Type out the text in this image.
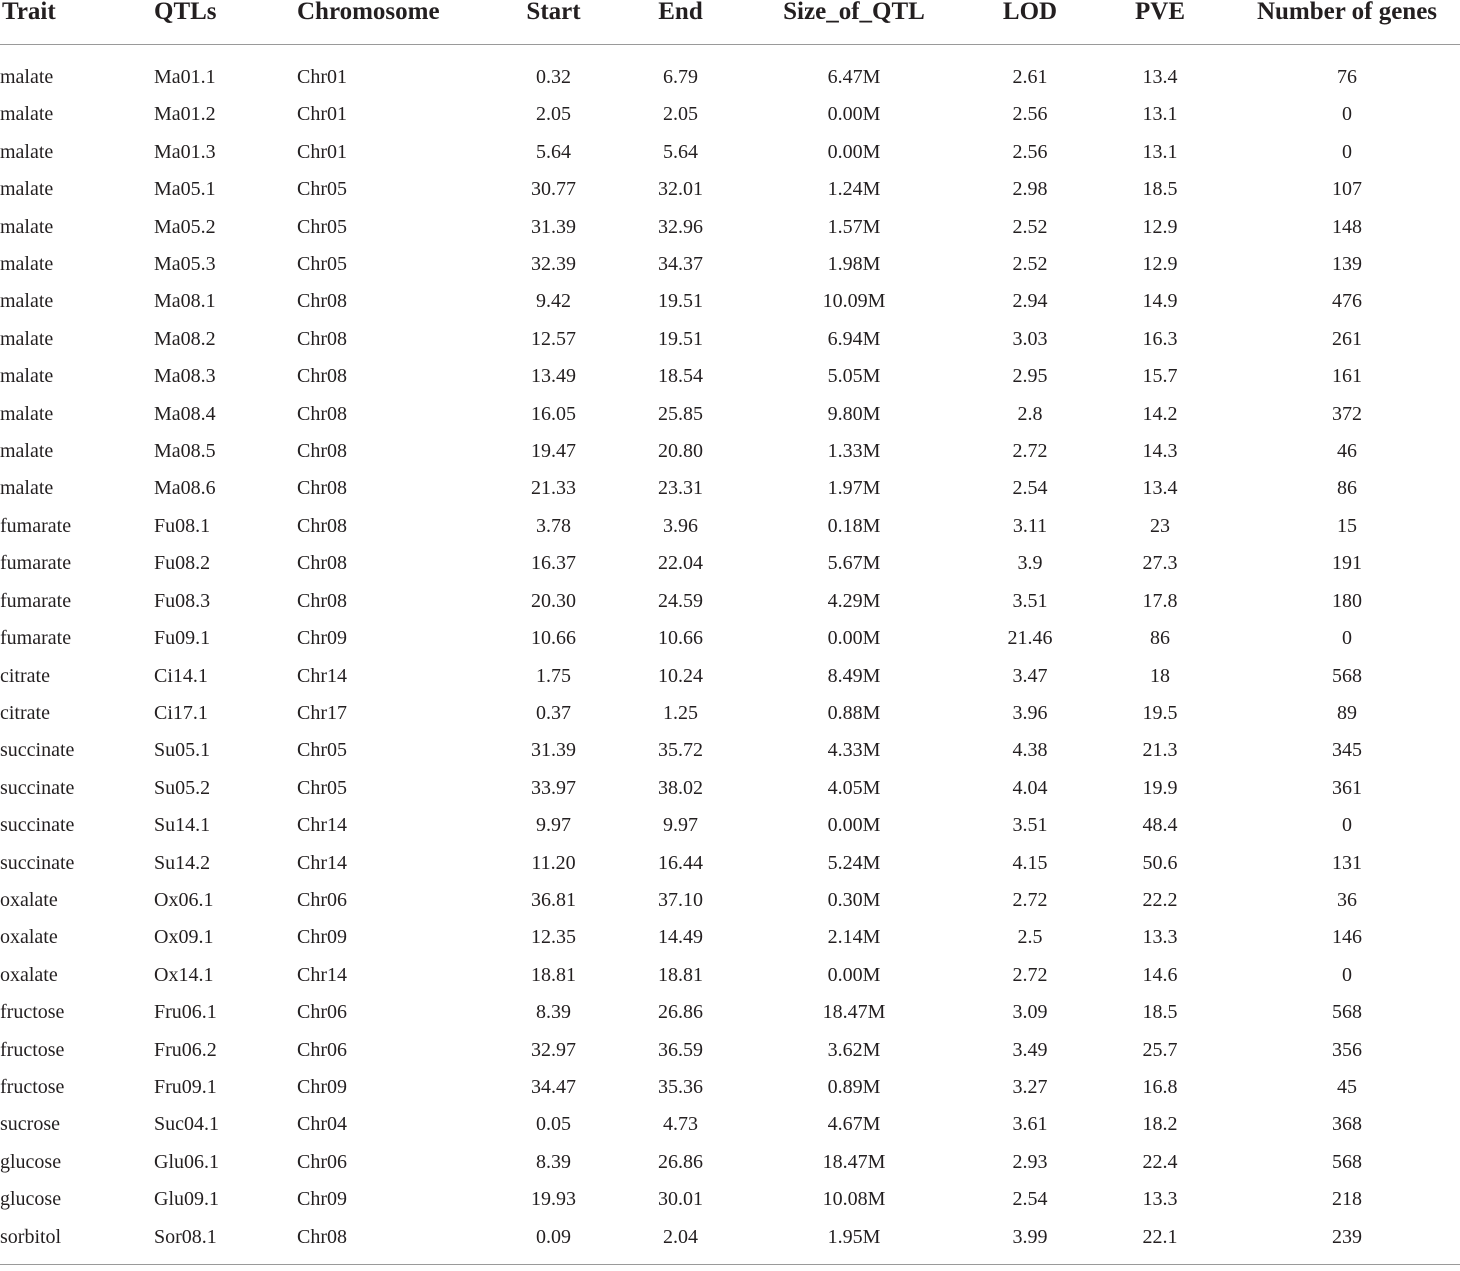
Trait	QTLs	Chromosome	Start	End	Size_of_QTL	LOD	PVE	Number of genes
malate	Ma01.1	Chr01	0.32	6.79	6.47M	2.61	13.4	76
malate	Ma01.2	Chr01	2.05	2.05	0.00M	2.56	13.1	0
malate	Ma01.3	Chr01	5.64	5.64	0.00M	2.56	13.1	0
malate	Ma05.1	Chr05	30.77	32.01	1.24M	2.98	18.5	107
malate	Ma05.2	Chr05	31.39	32.96	1.57M	2.52	12.9	148
malate	Ma05.3	Chr05	32.39	34.37	1.98M	2.52	12.9	139
malate	Ma08.1	Chr08	9.42	19.51	10.09M	2.94	14.9	476
malate	Ma08.2	Chr08	12.57	19.51	6.94M	3.03	16.3	261
malate	Ma08.3	Chr08	13.49	18.54	5.05M	2.95	15.7	161
malate	Ma08.4	Chr08	16.05	25.85	9.80M	2.8	14.2	372
malate	Ma08.5	Chr08	19.47	20.80	1.33M	2.72	14.3	46
malate	Ma08.6	Chr08	21.33	23.31	1.97M	2.54	13.4	86
fumarate	Fu08.1	Chr08	3.78	3.96	0.18M	3.11	23	15
fumarate	Fu08.2	Chr08	16.37	22.04	5.67M	3.9	27.3	191
fumarate	Fu08.3	Chr08	20.30	24.59	4.29M	3.51	17.8	180
fumarate	Fu09.1	Chr09	10.66	10.66	0.00M	21.46	86	0
citrate	Ci14.1	Chr14	1.75	10.24	8.49M	3.47	18	568
citrate	Ci17.1	Chr17	0.37	1.25	0.88M	3.96	19.5	89
succinate	Su05.1	Chr05	31.39	35.72	4.33M	4.38	21.3	345
succinate	Su05.2	Chr05	33.97	38.02	4.05M	4.04	19.9	361
succinate	Su14.1	Chr14	9.97	9.97	0.00M	3.51	48.4	0
succinate	Su14.2	Chr14	11.20	16.44	5.24M	4.15	50.6	131
oxalate	Ox06.1	Chr06	36.81	37.10	0.30M	2.72	22.2	36
oxalate	Ox09.1	Chr09	12.35	14.49	2.14M	2.5	13.3	146
oxalate	Ox14.1	Chr14	18.81	18.81	0.00M	2.72	14.6	0
fructose	Fru06.1	Chr06	8.39	26.86	18.47M	3.09	18.5	568
fructose	Fru06.2	Chr06	32.97	36.59	3.62M	3.49	25.7	356
fructose	Fru09.1	Chr09	34.47	35.36	0.89M	3.27	16.8	45
sucrose	Suc04.1	Chr04	0.05	4.73	4.67M	3.61	18.2	368
glucose	Glu06.1	Chr06	8.39	26.86	18.47M	2.93	22.4	568
glucose	Glu09.1	Chr09	19.93	30.01	10.08M	2.54	13.3	218
sorbitol	Sor08.1	Chr08	0.09	2.04	1.95M	3.99	22.1	239
